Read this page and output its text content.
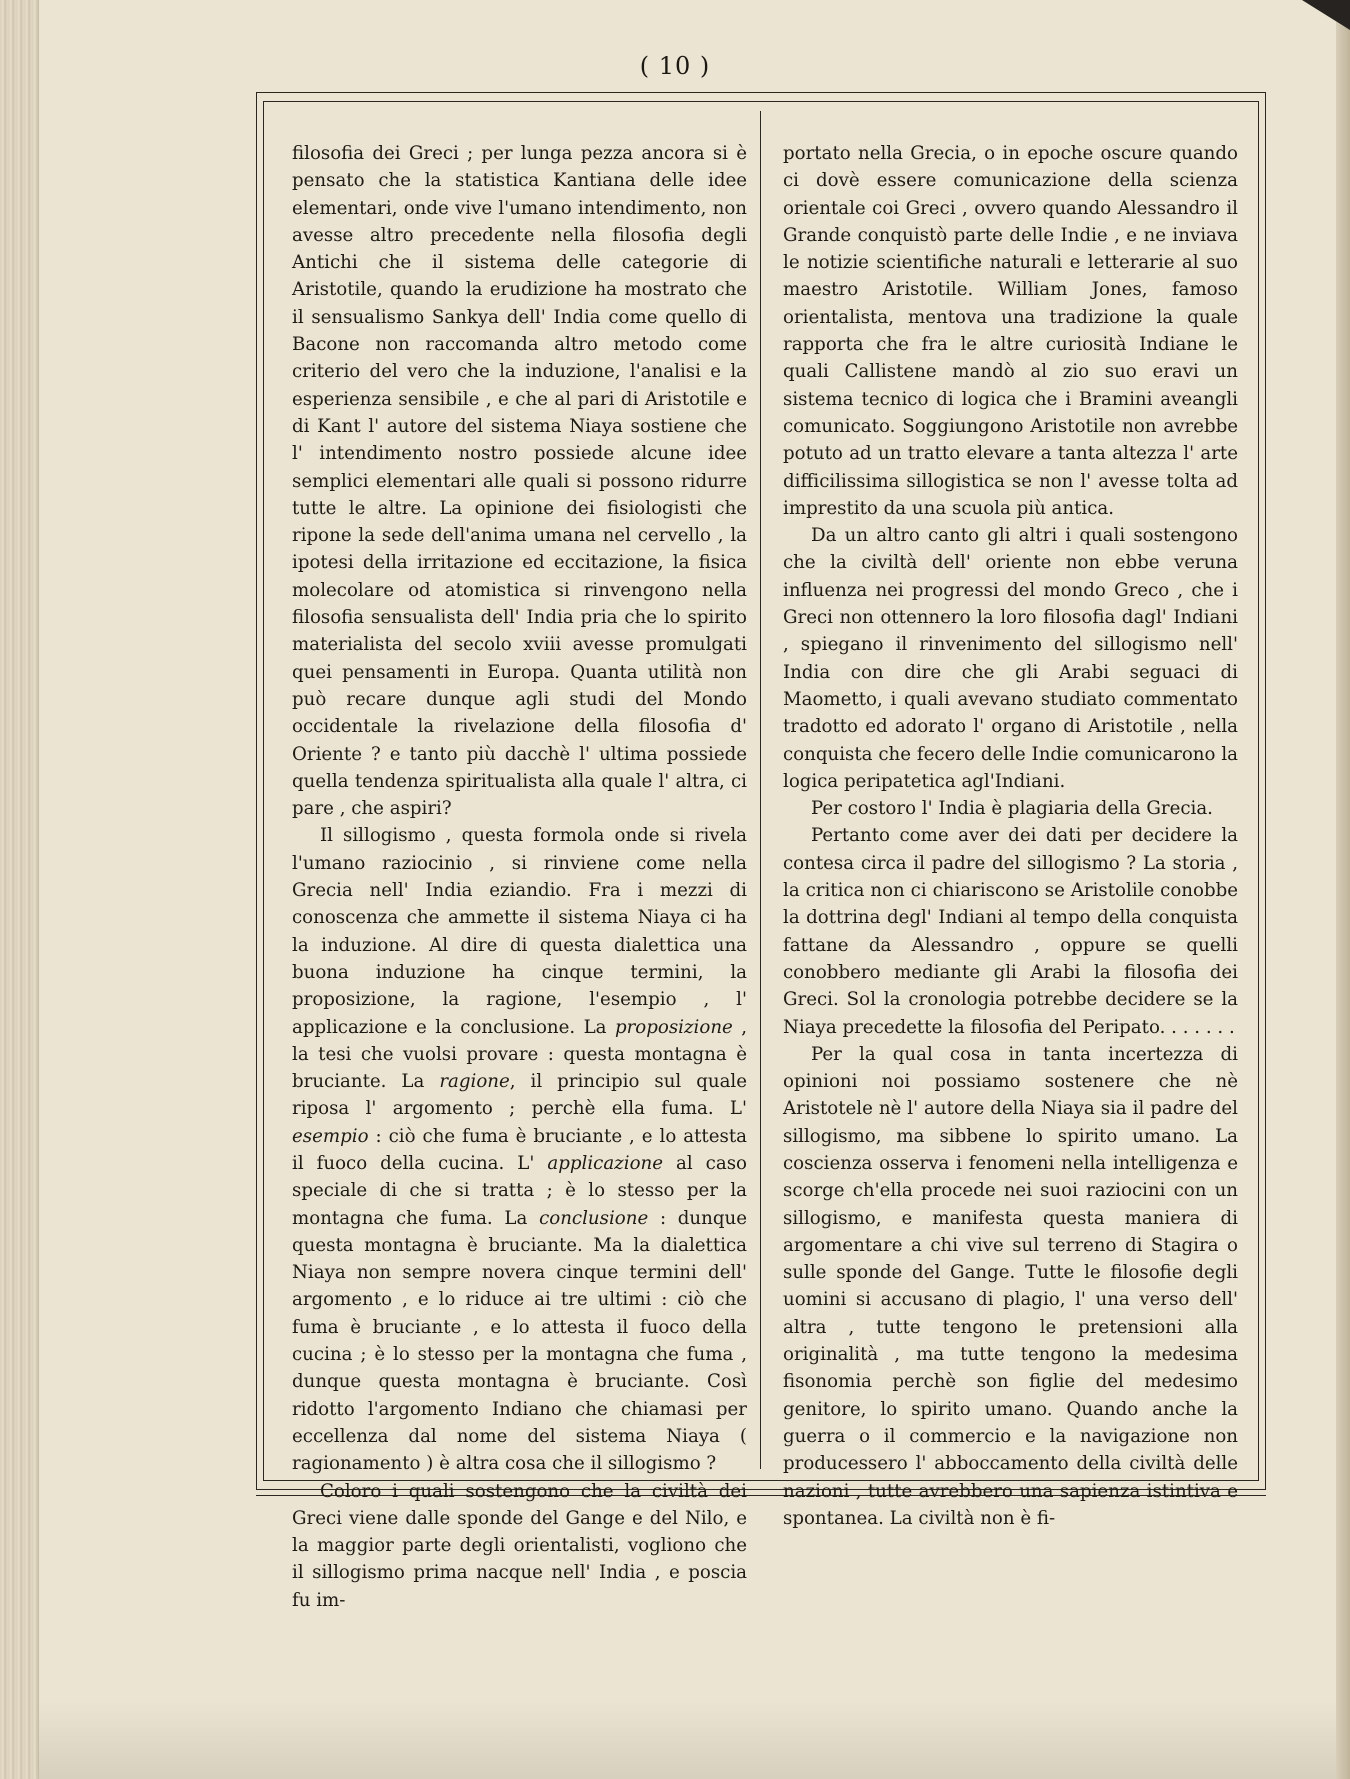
( 10 )

filosofia dei Greci ; per lunga pezza ancora si è pensato che la statistica Kantiana delle idee elementari, onde vive l'umano intendimento, non avesse altro precedente nella filosofia degli Antichi che il sistema delle categorie di Aristotile, quando la erudizione ha mostrato che il sensualismo Sankya dell' India come quello di Bacone non raccomanda altro metodo come criterio del vero che la induzione, l'analisi e la esperienza sensibile , e che al pari di Aristotile e di Kant l' autore del sistema Niaya sostiene che l' intendimento nostro possiede alcune idee semplici elementari alle quali si possono ridurre tutte le altre. La opinione dei fisiologisti che ripone la sede dell'anima umana nel cervello , la ipotesi della irritazione ed eccitazione, la fisica molecolare od atomistica si rinvengono nella filosofia sensualista dell' India pria che lo spirito materialista del secolo xviii avesse promulgati quei pensamenti in Europa. Quanta utilità non può recare dunque agli studi del Mondo occidentale la rivelazione della filosofia d' Oriente ? e tanto più dacchè l' ultima possiede quella tendenza spiritualista alla quale l' altra, ci pare , che aspiri?

Il sillogismo , questa formola onde si rivela l'umano raziocinio , si rinviene come nella Grecia nell' India eziandio. Fra i mezzi di conoscenza che ammette il sistema Niaya ci ha la induzione. Al dire di questa dialettica una buona induzione ha cinque termini, la proposizione, la ragione, l'esempio , l' applicazione e la conclusione. La proposizione , la tesi che vuolsi provare : questa montagna è bruciante. La ragione, il principio sul quale riposa l' argomento ; perchè ella fuma. L' esempio : ciò che fuma è bruciante , e lo attesta il fuoco della cucina. L' applicazione al caso speciale di che si tratta ; è lo stesso per la montagna che fuma. La conclusione : dunque questa montagna è bruciante. Ma la dialettica Niaya non sempre novera cinque termini dell' argomento , e lo riduce ai tre ultimi : ciò che fuma è bruciante , e lo attesta il fuoco della cucina ; è lo stesso per la montagna che fuma , dunque questa montagna è bruciante. Così ridotto l'argomento Indiano che chiamasi per eccellenza dal nome del sistema Niaya ( ragionamento ) è altra cosa che il sillogismo ?

Coloro i quali sostengono che la civiltà dei Greci viene dalle sponde del Gange e del Nilo, e la maggior parte degli orientalisti, vogliono che il sillogismo prima nacque nell' India , e poscia fu im-

portato nella Grecia, o in epoche oscure quando ci dovè essere comunicazione della scienza orientale coi Greci , ovvero quando Alessandro il Grande conquistò parte delle Indie , e ne inviava le notizie scientifiche naturali e letterarie al suo maestro Aristotile. William Jones, famoso orientalista, mentova una tradizione la quale rapporta che fra le altre curiosità Indiane le quali Callistene mandò al zio suo eravi un sistema tecnico di logica che i Bramini aveangli comunicato. Soggiungono Aristotile non avrebbe potuto ad un tratto elevare a tanta altezza l' arte difficilissima sillogistica se non l' avesse tolta ad imprestito da una scuola più antica.

Da un altro canto gli altri i quali sostengono che la civiltà dell' oriente non ebbe veruna influenza nei progressi del mondo Greco , che i Greci non ottennero la loro filosofia dagl' Indiani , spiegano il rinvenimento del sillogismo nell' India con dire che gli Arabi seguaci di Maometto, i quali avevano studiato commentato tradotto ed adorato l' organo di Aristotile , nella conquista che fecero delle Indie comunicarono la logica peripatetica agl'Indiani.

Per costoro l' India è plagiaria della Grecia.

Pertanto come aver dei dati per decidere la contesa circa il padre del sillogismo ? La storia , la critica non ci chiariscono se Aristolile conobbe la dottrina degl' Indiani al tempo della conquista fattane da Alessandro , oppure se quelli conobbero mediante gli Arabi la filosofia dei Greci. Sol la cronologia potrebbe decidere se la Niaya precedette la filosofia del Peripato. . . . . . .

Per la qual cosa in tanta incertezza di opinioni noi possiamo sostenere che nè Aristotele nè l' autore della Niaya sia il padre del sillogismo, ma sibbene lo spirito umano. La coscienza osserva i fenomeni nella intelligenza e scorge ch'ella procede nei suoi raziocini con un sillogismo, e manifesta questa maniera di argomentare a chi vive sul terreno di Stagira o sulle sponde del Gange. Tutte le filosofie degli uomini si accusano di plagio, l' una verso dell' altra , tutte tengono le pretensioni alla originalità , ma tutte tengono la medesima fisonomia perchè son figlie del medesimo genitore, lo spirito umano. Quando anche la guerra o il commercio e la navigazione non producessero l' abboccamento della civiltà delle nazioni , tutte avrebbero una sapienza istintiva e spontanea. La civiltà non è fi-
